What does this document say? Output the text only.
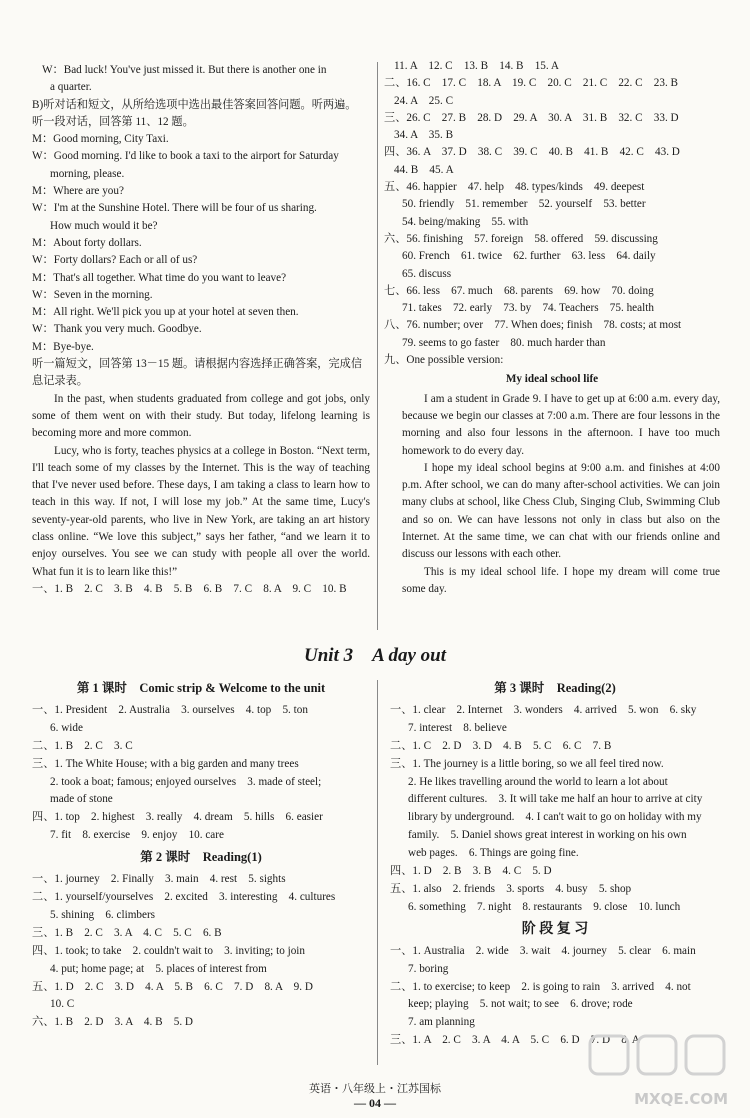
W：Bad luck! You've just missed it. But there is another one in
a quarter.
B)听对话和短文，从所给选项中选出最佳答案回答问题。听两遍。
听一段对话，回答第 11、12 题。
M：Good morning, City Taxi.
W：Good morning. I'd like to book a taxi to the airport for Saturday
morning, please.
M：Where are you?
W：I'm at the Sunshine Hotel. There will be four of us sharing.
How much would it be?
M：About forty dollars.
W：Forty dollars? Each or all of us?
M：That's all together. What time do you want to leave?
W：Seven in the morning.
M：All right. We'll pick you up at your hotel at seven then.
W：Thank you very much. Goodbye.
M：Bye-bye.
听一篇短文，回答第 13－15 题。请根据内容选择正确答案，完成信
息记录表。
In the past, when students graduated from college and got jobs, only some of them went on with their study. But today, lifelong learning is becoming more and more common.
Lucy, who is forty, teaches physics at a college in Boston. “Next term, I'll teach some of my classes by the Internet. This is the way of teaching that I've never used before. These days, I am taking a class to learn how to teach in this way. If not, I will lose my job.” At the same time, Lucy's seventy-year-old parents, who live in New York, are taking an art history class online. “We love this subject,” says her father, “and we learn it to enjoy ourselves. You see we can study with people all over the world. What fun it is to learn like this!”
一、1. B　2. C　3. B　4. B　5. B　6. B　7. C　8. A　9. C　10. B
11. A　12. C　13. B　14. B　15. A
二、16. C　17. C　18. A　19. C　20. C　21. C　22. C　23. B
24. A　25. C
三、26. C　27. B　28. D　29. A　30. A　31. B　32. C　33. D
34. A　35. B
四、36. A　37. D　38. C　39. C　40. B　41. B　42. C　43. D
44. B　45. A
五、46. happier　47. help　48. types/kinds　49. deepest
50. friendly　51. remember　52. yourself　53. better
54. being/making　55. with
六、56. finishing　57. foreign　58. offered　59. discussing
60. French　61. twice　62. further　63. less　64. daily
65. discuss
七、66. less　67. much　68. parents　69. how　70. doing
71. takes　72. early　73. by　74. Teachers　75. health
八、76. number; over　77. When does; finish　78. costs; at most
79. seems to go faster　80. much harder than
九、One possible version:
My ideal school life
I am a student in Grade 9. I have to get up at 6:00 a.m. every day, because we begin our classes at 7:00 a.m. There are four lessons in the morning and also four lessons in the afternoon. I have too much homework to do every day.
I hope my ideal school begins at 9:00 a.m. and finishes at 4:00 p.m. After school, we can do many after-school activities. We can join many clubs at school, like Chess Club, Singing Club, Swimming Club and so on. We can have lessons not only in class but also on the Internet. At the same time, we can chat with our friends online and discuss our lessons with each other.
This is my ideal school life. I hope my dream will come true some day.
Unit 3　A day out
第 1 课时　Comic strip & Welcome to the unit
一、1. President　2. Australia　3. ourselves　4. top　5. ton
6. wide
二、1. B　2. C　3. C
三、1. The White House; with a big garden and many trees
2. took a boat; famous; enjoyed ourselves　3. made of steel;
made of stone
四、1. top　2. highest　3. really　4. dream　5. hills　6. easier
7. fit　8. exercise　9. enjoy　10. care
第 2 课时　Reading(1)
一、1. journey　2. Finally　3. main　4. rest　5. sights
二、1. yourself/yourselves　2. excited　3. interesting　4. cultures
5. shining　6. climbers
三、1. B　2. C　3. A　4. C　5. C　6. B
四、1. took; to take　2. couldn't wait to　3. inviting; to join
4. put; home page; at　5. places of interest from
五、1. D　2. C　3. D　4. A　5. B　6. C　7. D　8. A　9. D
10. C
六、1. B　2. D　3. A　4. B　5. D
第 3 课时　Reading(2)
一、1. clear　2. Internet　3. wonders　4. arrived　5. won　6. sky
7. interest　8. believe
二、1. C　2. D　3. D　4. B　5. C　6. C　7. B
三、1. The journey is a little boring, so we all feel tired now.
2. He likes travelling around the world to learn a lot about
different cultures.　3. It will take me half an hour to arrive at city
library by underground.　4. I can't wait to go on holiday with my
family.　5. Daniel shows great interest in working on his own
web pages.　6. Things are going fine.
四、1. D　2. B　3. B　4. C　5. D
五、1. also　2. friends　3. sports　4. busy　5. shop
6. something　7. night　8. restaurants　9. close　10. lunch
阶 段 复 习
一、1. Australia　2. wide　3. wait　4. journey　5. clear　6. main
7. boring
二、1. to exercise; to keep　2. is going to rain　3. arrived　4. not
keep; playing　5. not wait; to see　6. drove; rode
7. am planning
三、1. A　2. C　3. A　4. A　5. C　6. D　7. D　8. A
英语・八年级上・江苏国标
— 04 —	MXQE.COM
